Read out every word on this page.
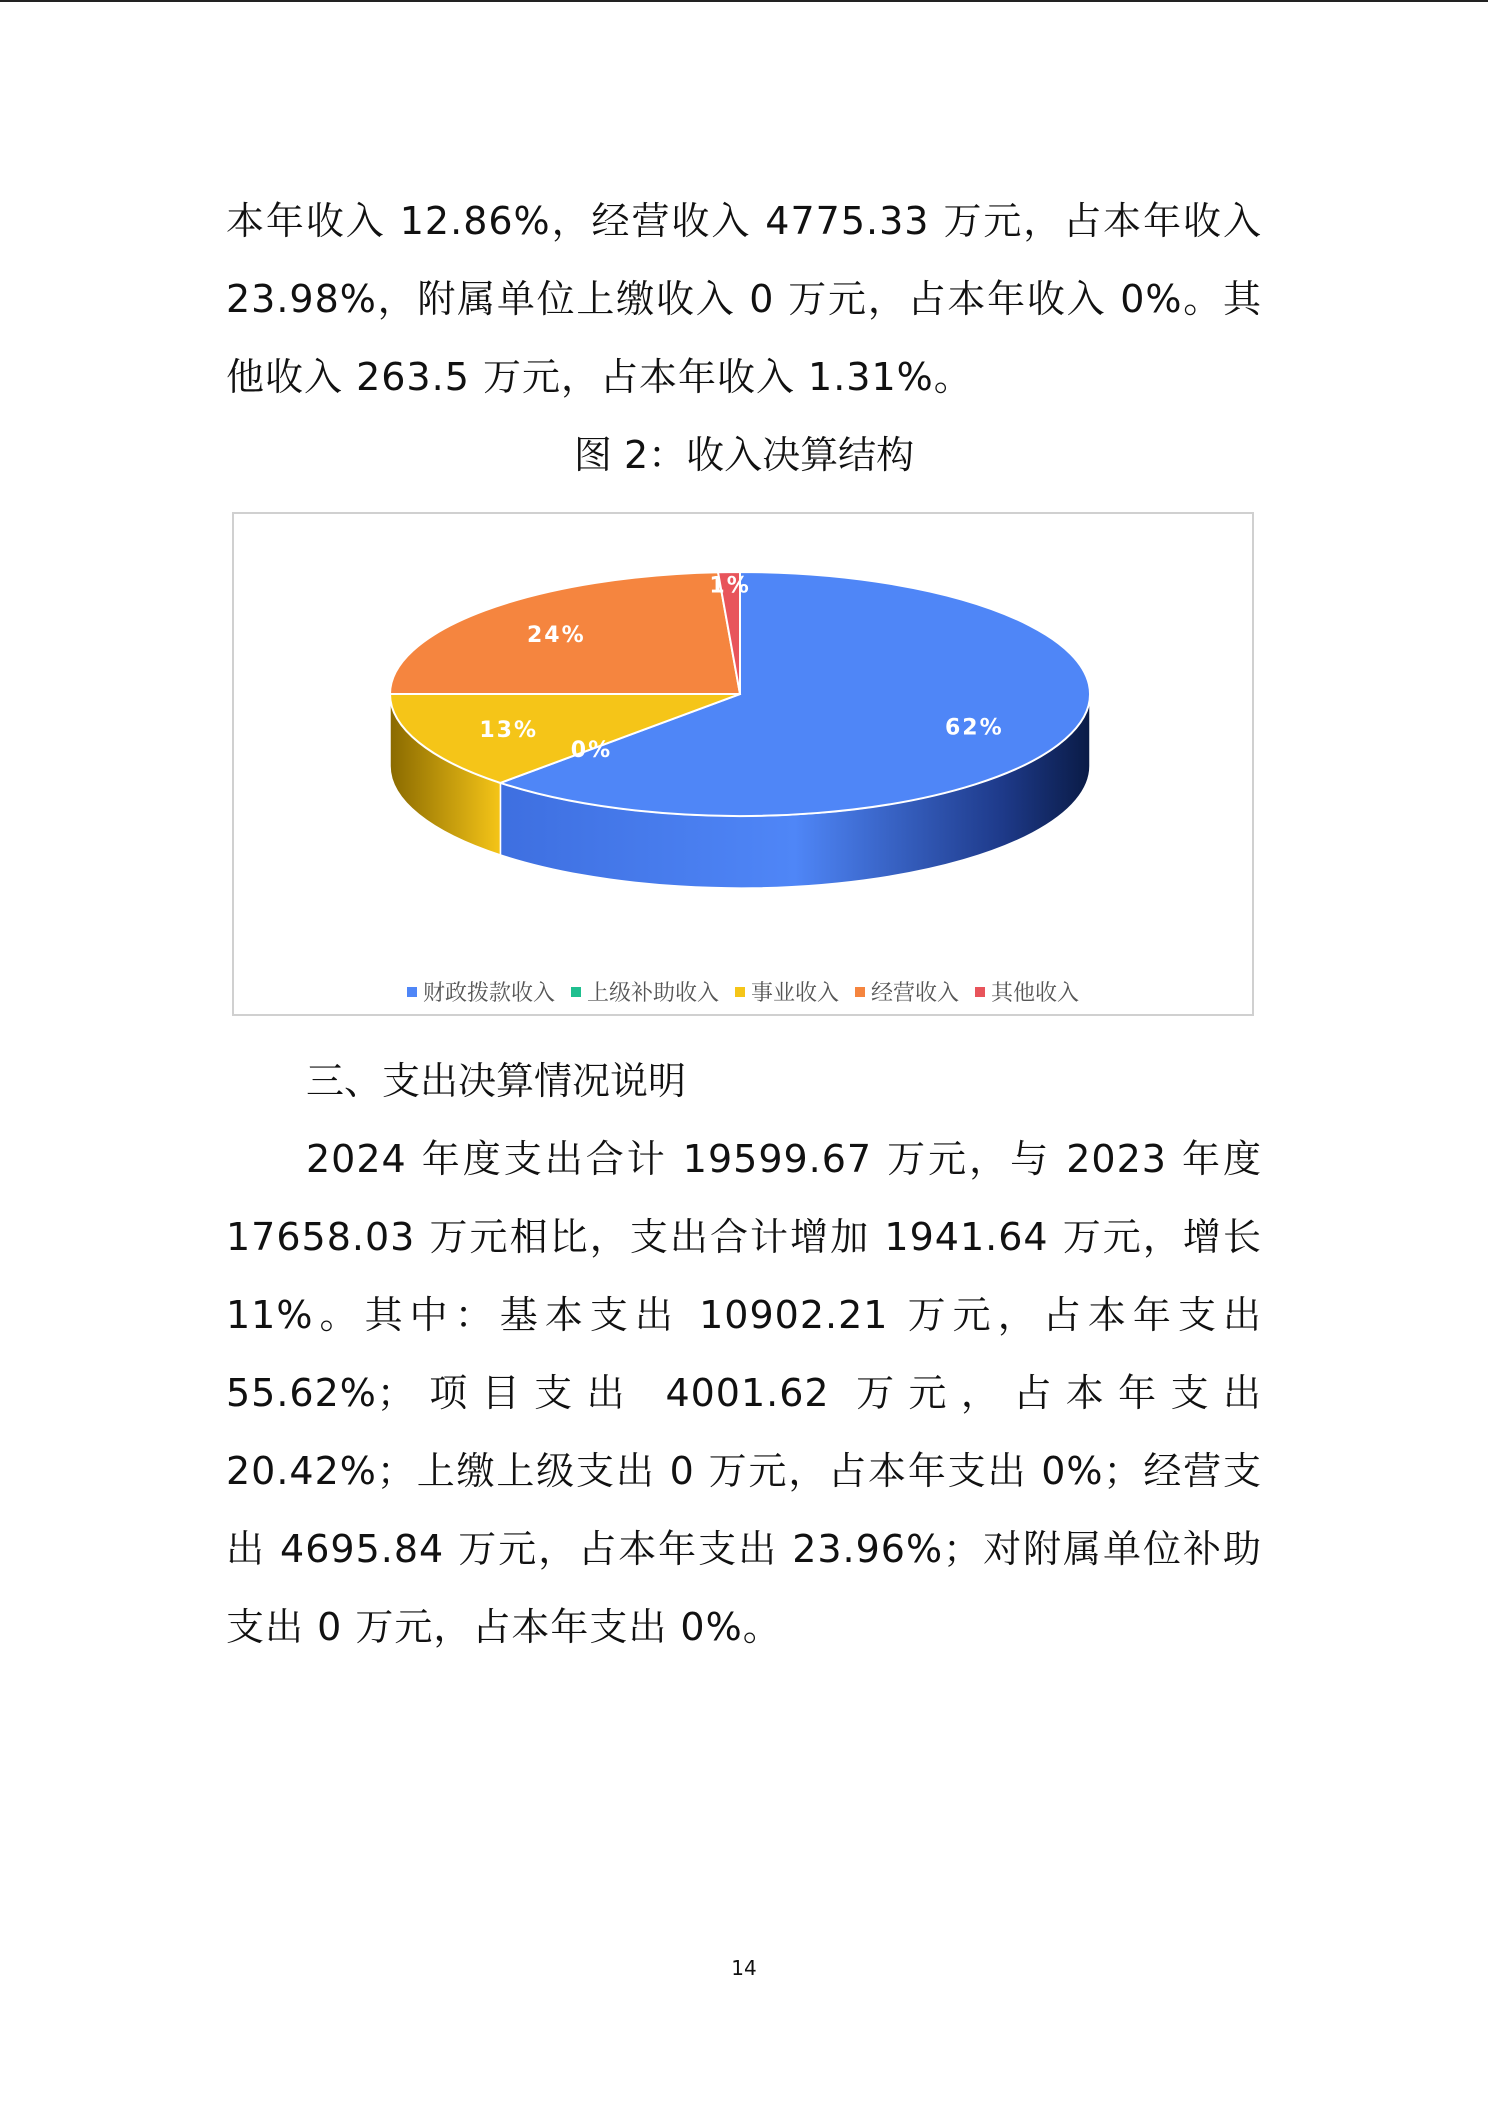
本年收入 12.86%，经营收入 4775.33 万元，占本年收入 23.98%，附属单位上缴收入 0 万元，占本年收入 0%。其他收入 263.5 万元，占本年收入 1.31%。

图 2：收入决算结构
62%
0%
13%
24%
1%
财政拨款收入 上级补助收入 事业收入 经营收入 其他收入
三、支出决算情况说明

2024 年度支出合计 19599.67 万元，与 2023 年度 17658.03 万元相比，支出合计增加 1941.64 万元，增长 11%。其中：基本支出 10902.21 万元，占本年支出 55.62%；项目支出 4001.62 万元，占本年支出 20.42%；上缴上级支出 0 万元，占本年支出 0%；经营支出 4695.84 万元，占本年支出 23.96%；对附属单位补助支出 0 万元，占本年支出 0%。

14
